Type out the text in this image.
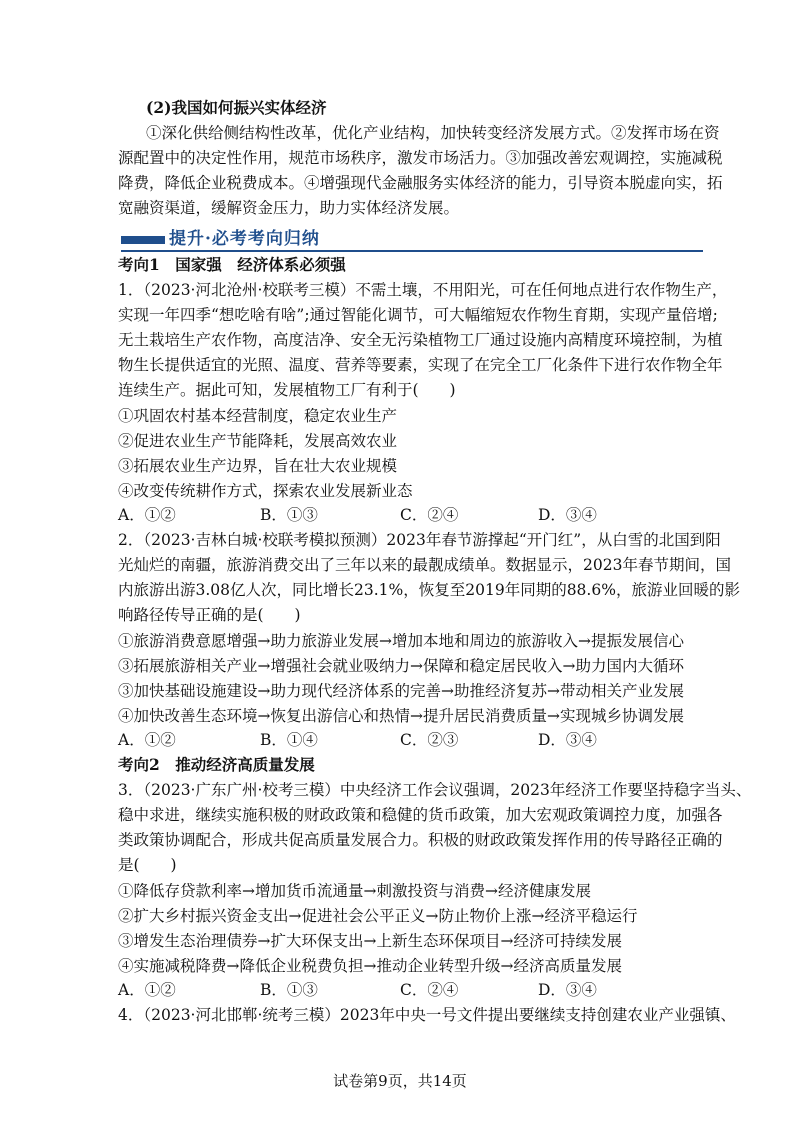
(2)我国如何振兴实体经济
①深化供给侧结构性改革，优化产业结构，加快转变经济发展方式。②发挥市场在资
源配置中的决定性作用，规范市场秩序，激发市场活力。③加强改善宏观调控，实施减税
降费，降低企业税费成本。④增强现代金融服务实体经济的能力，引导资本脱虚向实，拓
宽融资渠道，缓解资金压力，助力实体经济发展。
提升·必考考向归纳
考向1　国家强　经济体系必须强
1．（2023·河北沧州·校联考三模）不需土壤，不用阳光，可在任何地点进行农作物生产，
实现一年四季“想吃啥有啥”;通过智能化调节，可大幅缩短农作物生育期，实现产量倍增;
无土栽培生产农作物，高度洁净、安全无污染植物工厂通过设施内高精度环境控制，为植
物生长提供适宜的光照、温度、营养等要素，实现了在完全工厂化条件下进行农作物全年
连续生产。据此可知，发展植物工厂有利于(　　)
①巩固农村基本经营制度，稳定农业生产
②促进农业生产节能降耗，发展高效农业
③拓展农业生产边界，旨在壮大农业规模
④改变传统耕作方式，探索农业发展新业态
A．①②	B．①③	C．②④	D．③④
2．（2023·吉林白城·校联考模拟预测）2023年春节游撑起“开门红”，从白雪的北国到阳
光灿烂的南疆，旅游消费交出了三年以来的最靓成绩单。数据显示，2023年春节期间，国
内旅游出游3.08亿人次，同比增长23.1%，恢复至2019年同期的88.6%，旅游业回暖的影
响路径传导正确的是(　　)
①旅游消费意愿增强→助力旅游业发展→增加本地和周边的旅游收入→提振发展信心
③拓展旅游相关产业→增强社会就业吸纳力→保障和稳定居民收入→助力国内大循环
③加快基础设施建设→助力现代经济体系的完善→助推经济复苏→带动相关产业发展
④加快改善生态环境→恢复出游信心和热情→提升居民消费质量→实现城乡协调发展
A．①②	B．①④	C．②③	D．③④
考向2　推动经济高质量发展
3．（2023·广东广州·校考三模）中央经济工作会议强调，2023年经济工作要坚持稳字当头、
稳中求进，继续实施积极的财政政策和稳健的货币政策，加大宏观政策调控力度，加强各
类政策协调配合，形成共促高质量发展合力。积极的财政政策发挥作用的传导路径正确的
是(　　)
①降低存贷款利率→增加货币流通量→刺激投资与消费→经济健康发展
②扩大乡村振兴资金支出→促进社会公平正义→防止物价上涨→经济平稳运行
③增发生态治理债券→扩大环保支出→上新生态环保项目→经济可持续发展
④实施减税降费→降低企业税费负担→推动企业转型升级→经济高质量发展
A．①②	B．①③	C．②④	D．③④
4．（2023·河北邯郸·统考三模）2023年中央一号文件提出要继续支持创建农业产业强镇、
试卷第9页，共14页
